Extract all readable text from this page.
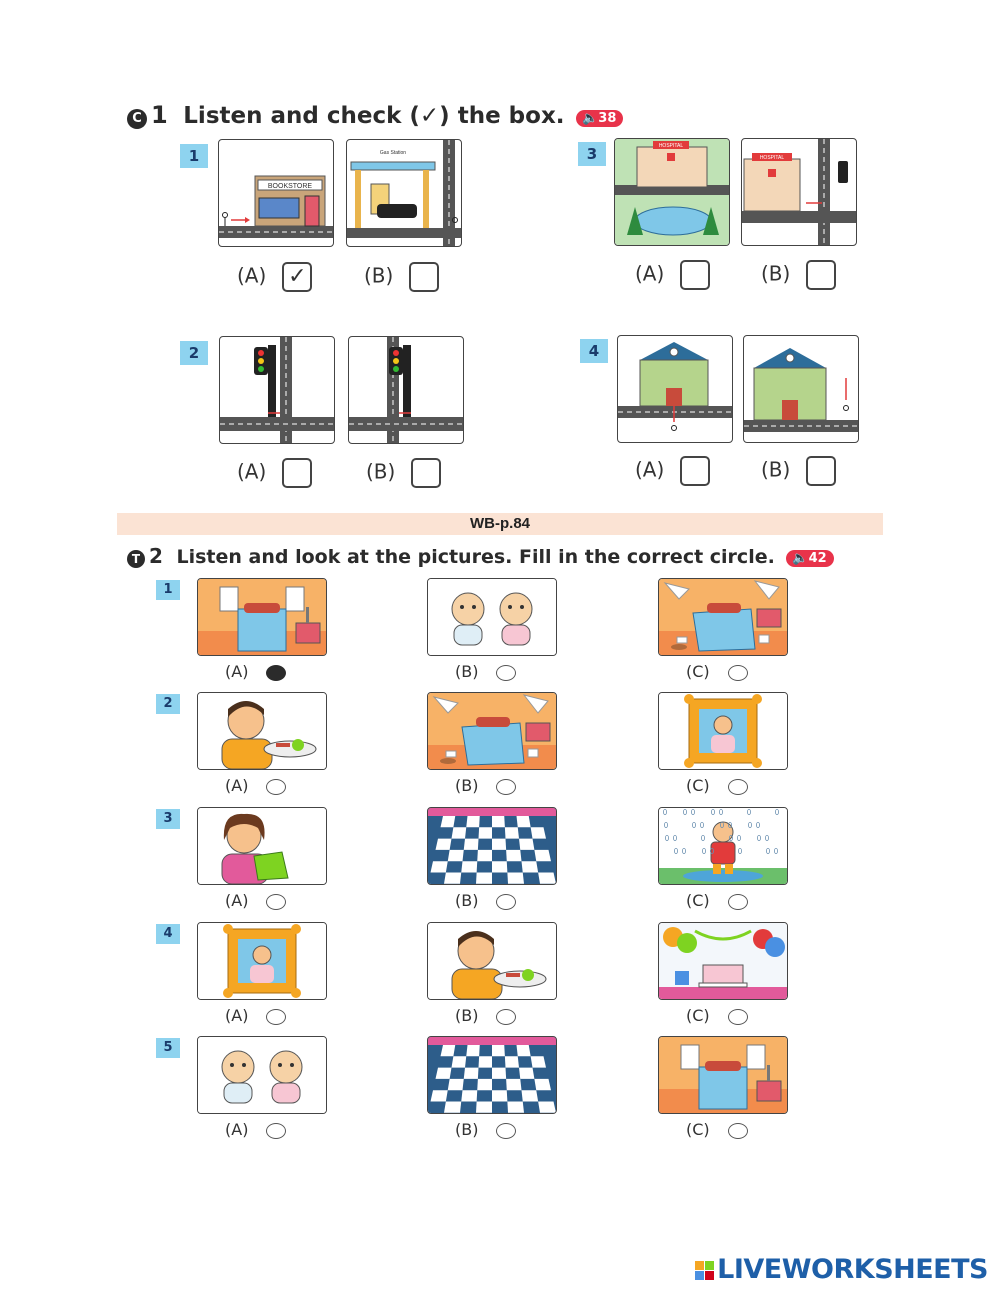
C 1 Listen and check (✓) the box. 🔈38
1
BOOKSTORE
Gas Station
(A) ✓	(B)
2
(A)	(B)
3	HOSPITAL
HOSPITAL
(A)	(B)
4
(A)	(B)
WB-p.84
T 2 Listen and look at the pictures. Fill in the correct circle. 🔈42
1
(A)	(B)	(C)
2
(A)	(B)	(C)
3
(A)	(B)	(C)
4
(A)	(B)	(C)
5
(A)	(B)	(C)
LIVEWORKSHEETS
